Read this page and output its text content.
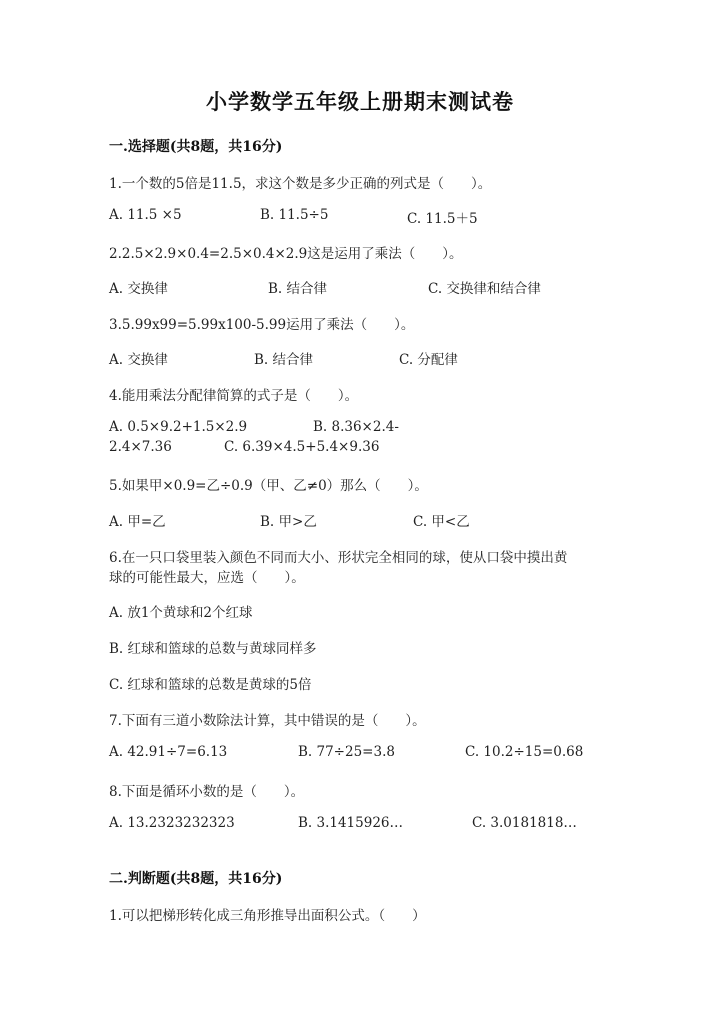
小学数学五年级上册期末测试卷
一.选择题(共8题，共16分)
1.一个数的5倍是11.5，求这个数是多少正确的列式是（　　）。
A. 11.5 ×5	B. 11.5÷5	C. 11.5＋5
2.2.5×2.9×0.4=2.5×0.4×2.9这是运用了乘法（　　）。
A. 交换律	B. 结合律	C. 交换律和结合律
3.5.99x99=5.99x100-5.99运用了乘法（　　）。
A. 交换律	B. 结合律	C. 分配律
4.能用乘法分配律简算的式子是（　　）。
A. 0.5×9.2+1.5×2.9	B. 8.36×2.4-
2.4×7.36	C. 6.39×4.5+5.4×9.36
5.如果甲×0.9=乙÷0.9（甲、乙≠0）那么（　　）。
A. 甲=乙	B. 甲>乙	C. 甲<乙
6.在一只口袋里装入颜色不同而大小、形状完全相同的球，使从口袋中摸出黄
球的可能性最大，应选（　　）。
A. 放1个黄球和2个红球
B. 红球和篮球的总数与黄球同样多
C. 红球和篮球的总数是黄球的5倍
7.下面有三道小数除法计算，其中错误的是（　　）。
A. 42.91÷7=6.13	B. 77÷25=3.8	C. 10.2÷15=0.68
8.下面是循环小数的是（　　）。
A. 13.2323232323	B. 3.1415926…	C. 3.0181818…
二.判断题(共8题，共16分)
1.可以把梯形转化成三角形推导出面积公式。（　　）
